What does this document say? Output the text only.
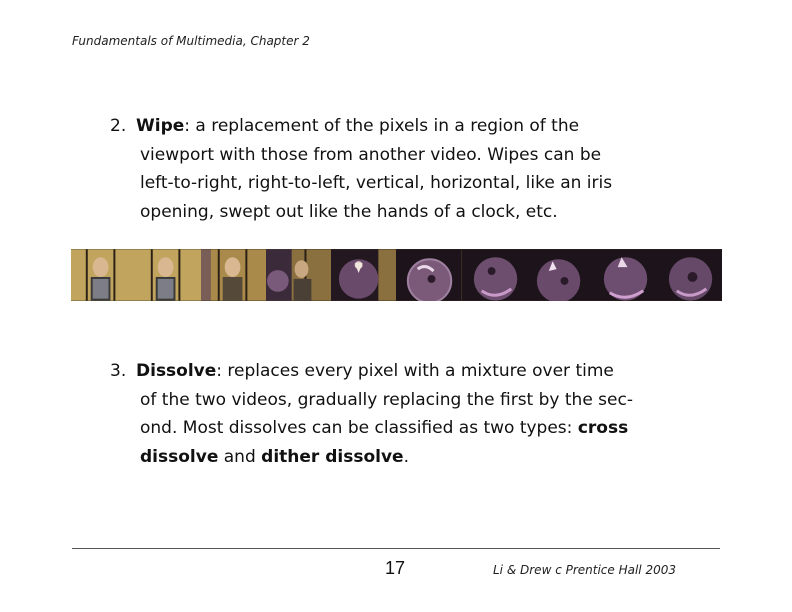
Fundamentals of Multimedia, Chapter 2
2. Wipe: a replacement of the pixels in a region of the
viewport with those from another video. Wipes can be
left-to-right, right-to-left, vertical, horizontal, like an iris
opening, swept out like the hands of a clock, etc.
3. Dissolve: replaces every pixel with a mixture over time
of the two videos, gradually replacing the first by the sec-
ond. Most dissolves can be classified as two types: cross
dissolve and dither dissolve.
17	Li & Drew c Prentice Hall 2003
